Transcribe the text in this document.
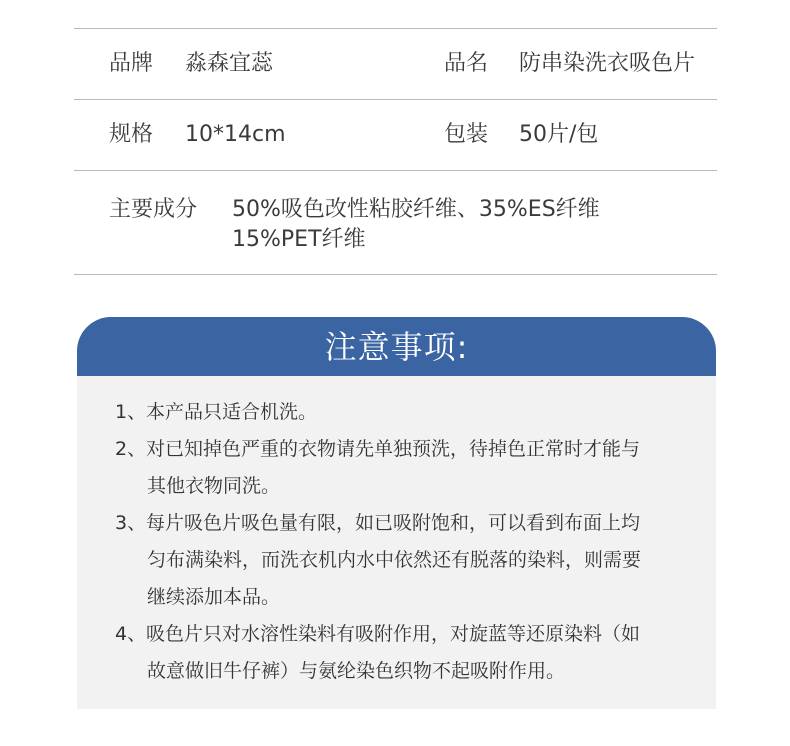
品牌 淼森宜蕊	品名 防串染洗衣吸色片
规格 10*14cm	包装 50片/包
主要成分 50%吸色改性粘胶纤维、35%ES纤维
15%PET纤维
注意事项:
1、 本产品只适合机洗。
2、 对已知掉色严重的衣物请先单独预洗，待掉色正常时才能与
其他衣物同洗。
3、 每片吸色片吸色量有限，如已吸附饱和，可以看到布面上均
匀布满染料，而洗衣机内水中依然还有脱落的染料，则需要
继续添加本品。
4、 吸色片只对水溶性染料有吸附作用，对旋蓝等还原染料（如
故意做旧牛仔裤）与氨纶染色织物不起吸附作用。
